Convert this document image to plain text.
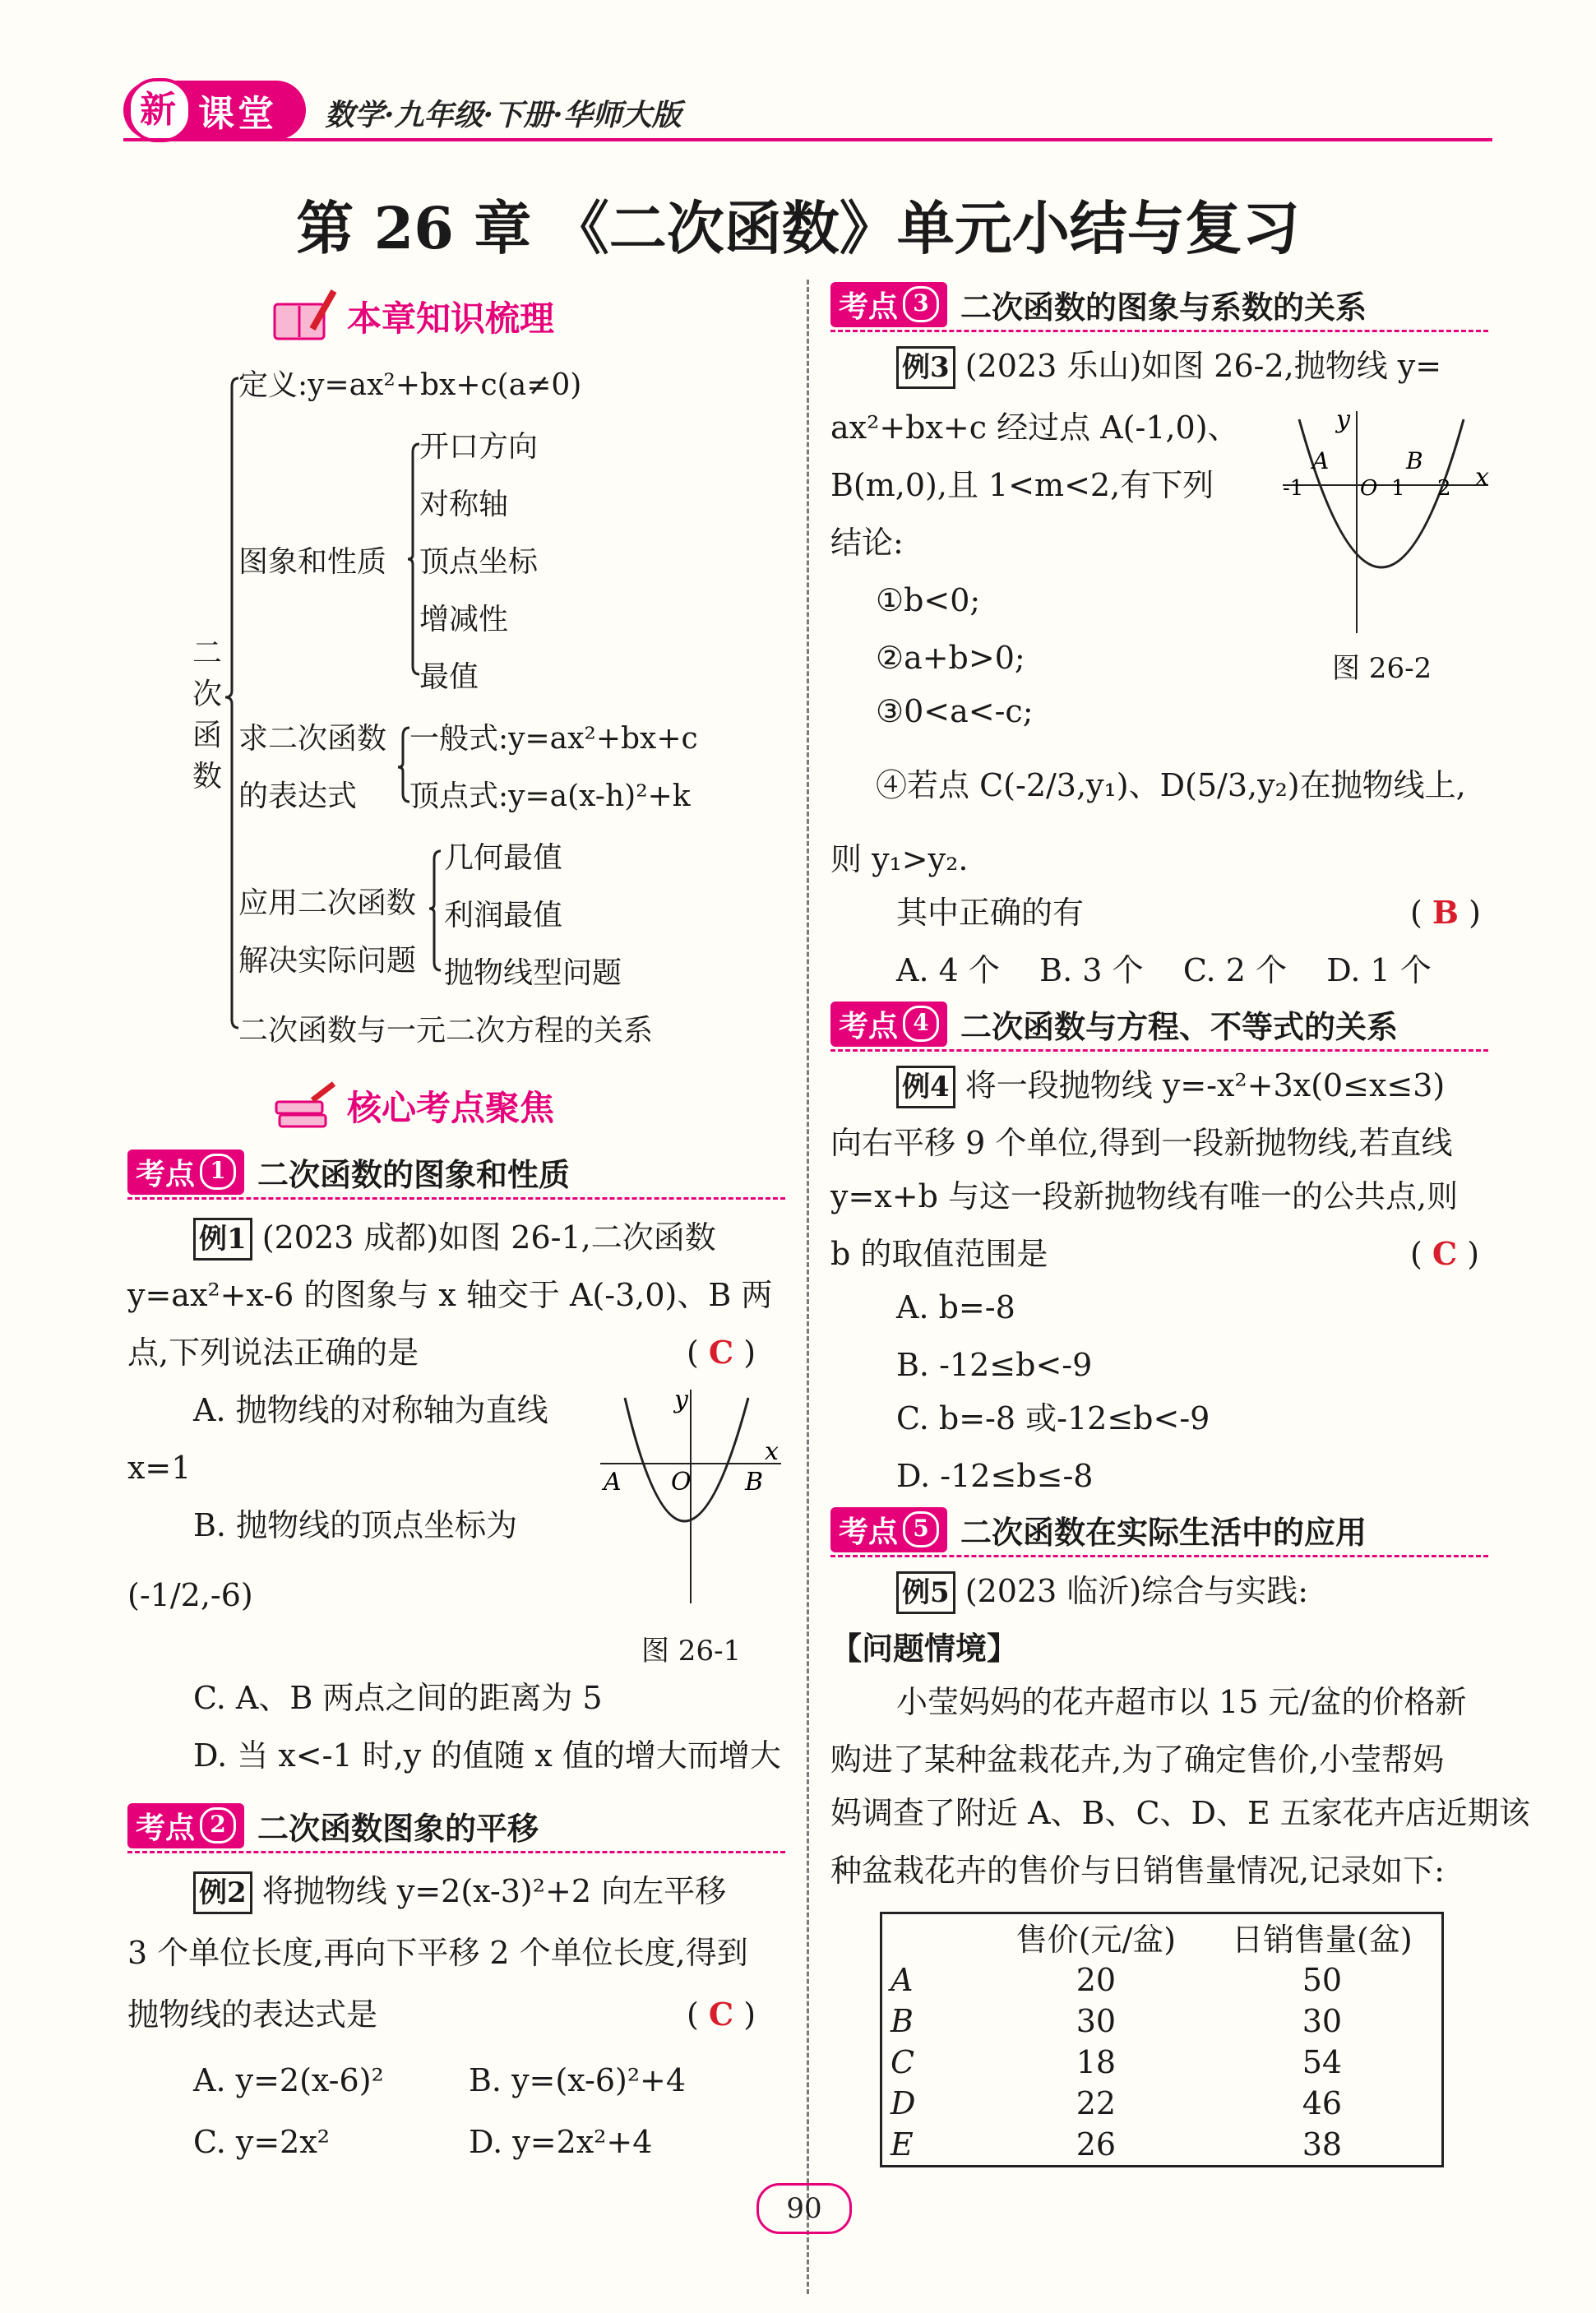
新 课堂 数学·九年级·下册·华师大版
第 26 章 《二次函数》单元小结与复习
本章知识梳理
二次函数
定义:y=ax²+bx+c(a≠0)
图象和性质
开口方向
对称轴
顶点坐标
增减性
最值
求二次函数
的表达式
一般式:y=ax²+bx+c
顶点式:y=a(x-h)²+k
应用二次函数
解决实际问题
几何最值
利润最值
抛物线型问题
二次函数与一元二次方程的关系
核心考点聚焦
考点 1	二次函数的图象和性质
例1 (2023 成都)如图 26-1,二次函数
y=ax²+x-6 的图象与 x 轴交于 A(-3,0)、B 两
点,下列说法正确的是	( C )
A. 抛物线的对称轴为直线
x=1
B. 抛物线的顶点坐标为
(-1/2,-6)
C. A、B 两点之间的距离为 5
D. 当 x<-1 时,y 的值随 x 值的增大而增大
y
x
A O B
图 26-1
考点 2	二次函数图象的平移
例2 将抛物线 y=2(x-3)²+2 向左平移
3 个单位长度,再向下平移 2 个单位长度,得到
抛物线的表达式是	( C )
A. y=2(x-6)²	B. y=(x-6)²+4
C. y=2x²	D. y=2x²+4
考点 3	二次函数的图象与系数的关系
例3 (2023 乐山)如图 26-2,抛物线 y=
ax²+bx+c 经过点 A(-1,0)、
B(m,0),且 1<m<2,有下列
结论:
①b<0;
②a+b>0;
③0<a<-c;
④若点 C(-2/3,y₁)、D(5/3,y₂)在抛物线上,
则 y₁>y₂.
其中正确的有	( B )
A. 4 个    B. 3 个    C. 2 个    D. 1 个
y
x
A	B
-1	O 1 2
图 26-2
考点 4	二次函数与方程、不等式的关系
例4 将一段抛物线 y=-x²+3x(0≤x≤3)
向右平移 9 个单位,得到一段新抛物线,若直线
y=x+b 与这一段新抛物线有唯一的公共点,则
b 的取值范围是	( C )
A. b=-8
B. -12≤b<-9
C. b=-8 或-12≤b<-9
D. -12≤b≤-8
考点 5	二次函数在实际生活中的应用
例5 (2023 临沂)综合与实践:
【问题情境】
小莹妈妈的花卉超市以 15 元/盆的价格新
购进了某种盆栽花卉,为了确定售价,小莹帮妈
妈调查了附近 A、B、C、D、E 五家花卉店近期该
种盆栽花卉的售价与日销售量情况,记录如下:
	售价(元/盆)	日销售量(盆)
A	20	50
B	30	30
C	18	54
D	22	46
E	26	38
90
